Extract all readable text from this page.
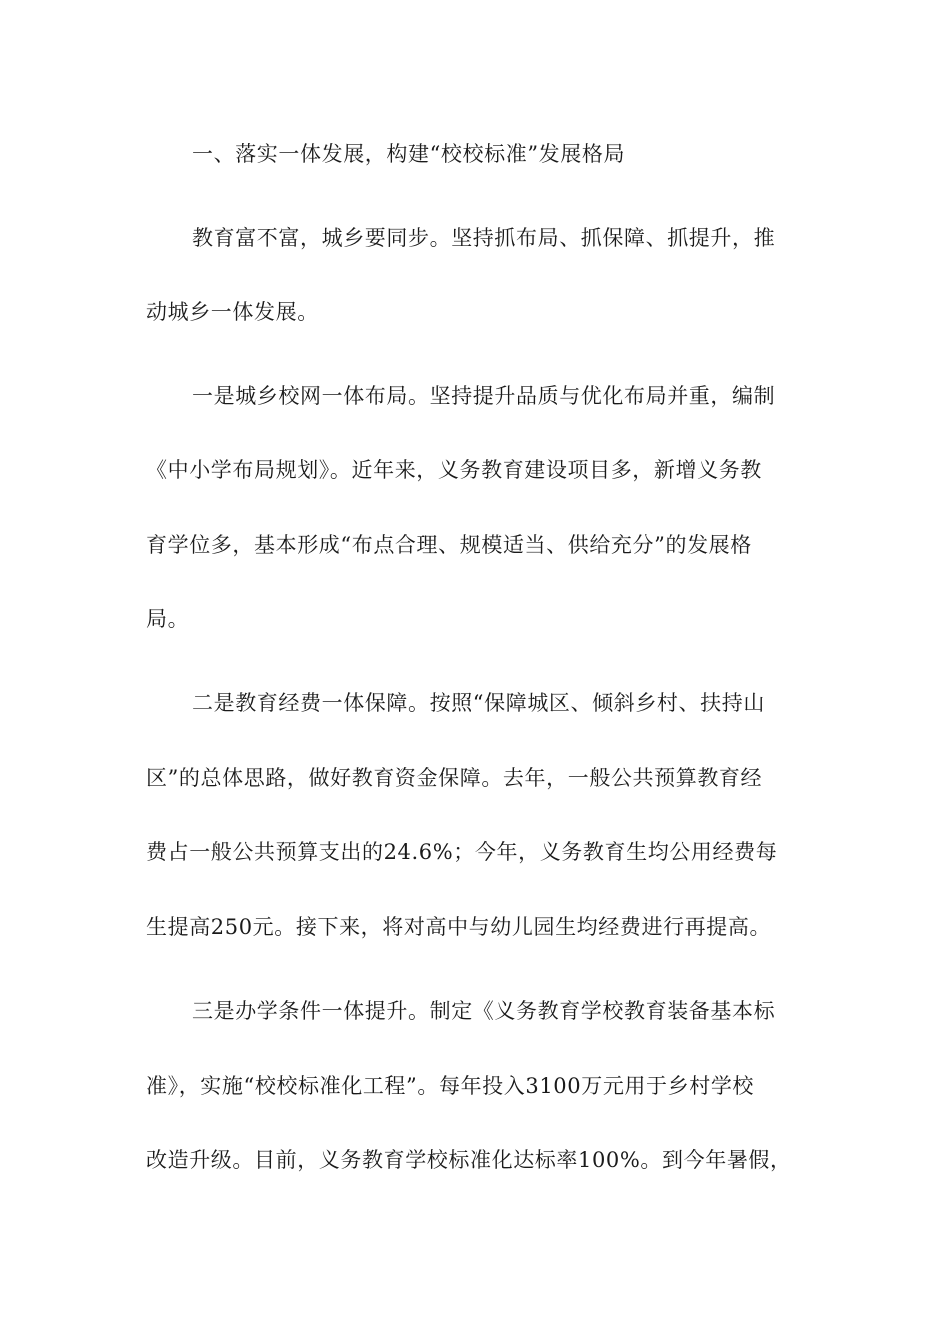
一、落实一体发展，构建“校校标准”发展格局
教育富不富，城乡要同步。坚持抓布局、抓保障、抓提升，推
动城乡一体发展。
一是城乡校网一体布局。坚持提升品质与优化布局并重，编制
《中小学布局规划》。近年来，义务教育建设项目多，新增义务教
育学位多，基本形成“布点合理、规模适当、供给充分”的发展格
局。
二是教育经费一体保障。按照“保障城区、倾斜乡村、扶持山
区”的总体思路，做好教育资金保障。去年，一般公共预算教育经
费占一般公共预算支出的24.6%；今年，义务教育生均公用经费每
生提高250元。接下来，将对高中与幼儿园生均经费进行再提高。
三是办学条件一体提升。制定《义务教育学校教育装备基本标
准》，实施“校校标准化工程”。每年投入3100万元用于乡村学校
改造升级。目前，义务教育学校标准化达标率100%。到今年暑假，
